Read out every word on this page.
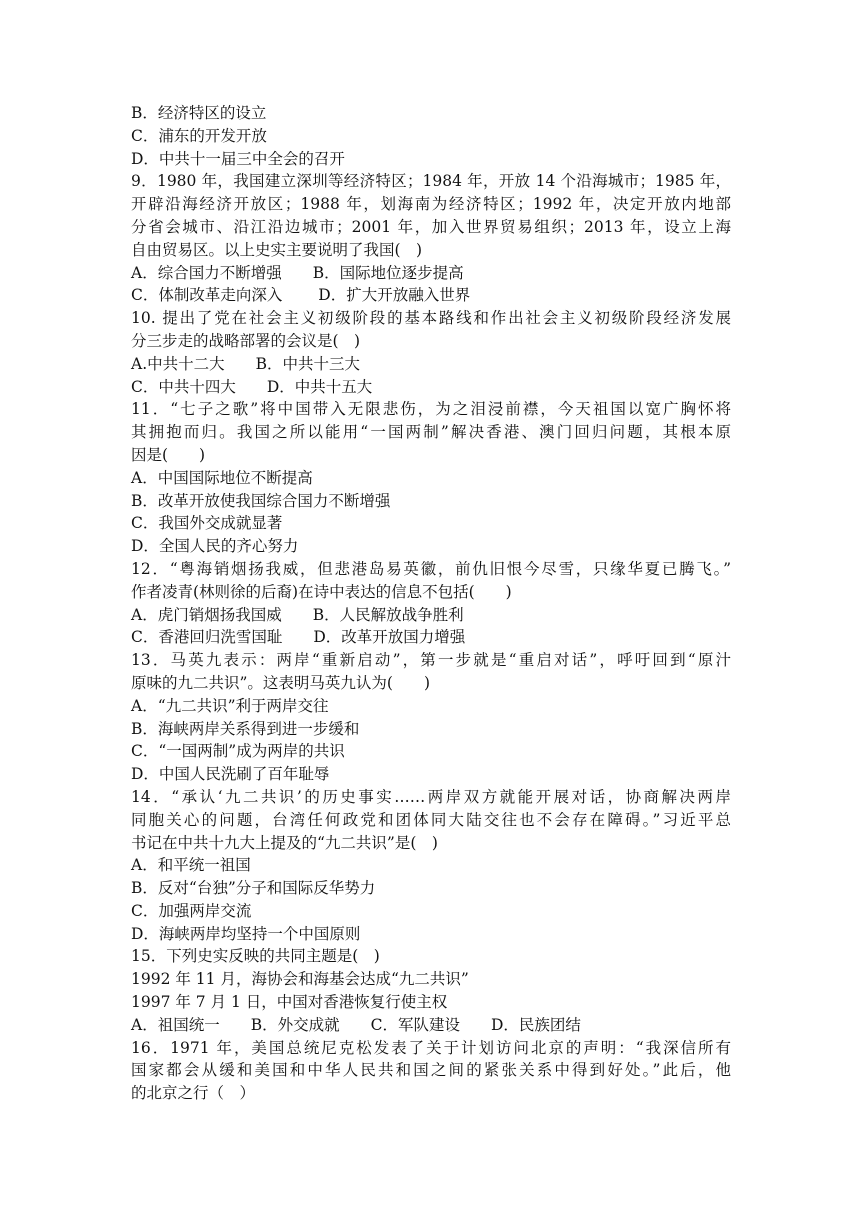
B．经济特区的设立
C．浦东的开发开放
D．中共十一届三中全会的召开
9．1980 年，我国建立深圳等经济特区；1984 年，开放 14 个沿海城市；1985 年，
开辟沿海经济开放区；1988 年，划海南为经济特区；1992 年，决定开放内地部
分省会城市、沿江沿边城市；2001 年，加入世界贸易组织；2013 年，设立上海
自由贸易区。以上史实主要说明了我国(　)
A．综合国力不断增强　　B．国际地位逐步提高
C．体制改革走向深入　　 D．扩大开放融入世界
10. 提出了党在社会主义初级阶段的基本路线和作出社会主义初级阶段经济发展
分三步走的战略部署的会议是(　)
A.中共十二大　　B．中共十三大
C．中共十四大　　D．中共十五大
11．“七子之歌”将中国带入无限悲伤，为之泪浸前襟，今天祖国以宽广胸怀将
其拥抱而归。我国之所以能用“一国两制”解决香港、澳门回归问题，其根本原
因是(　　)
A．中国国际地位不断提高
B．改革开放使我国综合国力不断增强
C．我国外交成就显著
D．全国人民的齐心努力
12．“粤海销烟扬我威，但悲港岛易英徽，前仇旧恨今尽雪，只缘华夏已腾飞。”
作者凌青(林则徐的后裔)在诗中表达的信息不包括(　　)
A．虎门销烟扬我国威　　B．人民解放战争胜利
C．香港回归洗雪国耻　　D．改革开放国力增强
13．马英九表示：两岸“重新启动”，第一步就是“重启对话”，呼吁回到“原汁
原味的九二共识”。这表明马英九认为(　　)
A．“九二共识”利于两岸交往
B．海峡两岸关系得到进一步缓和
C．“一国两制”成为两岸的共识
D．中国人民洗刷了百年耻辱
14．“承认‘九二共识’的历史事实……两岸双方就能开展对话，协商解决两岸
同胞关心的问题，台湾任何政党和团体同大陆交往也不会存在障碍。”习近平总
书记在中共十九大上提及的“九二共识”是(　)
A．和平统一祖国
B．反对“台独”分子和国际反华势力
C．加强两岸交流
D．海峡两岸均坚持一个中国原则
15．下列史实反映的共同主题是(　)
1992 年 11 月，海协会和海基会达成“九二共识”
1997 年 7 月 1 日，中国对香港恢复行使主权
A．祖国统一　　B．外交成就　　C．军队建设　　D．民族团结
16．1971 年，美国总统尼克松发表了关于计划访问北京的声明：“我深信所有
国家都会从缓和美国和中华人民共和国之间的紧张关系中得到好处。”此后，他
的北京之行（　）
